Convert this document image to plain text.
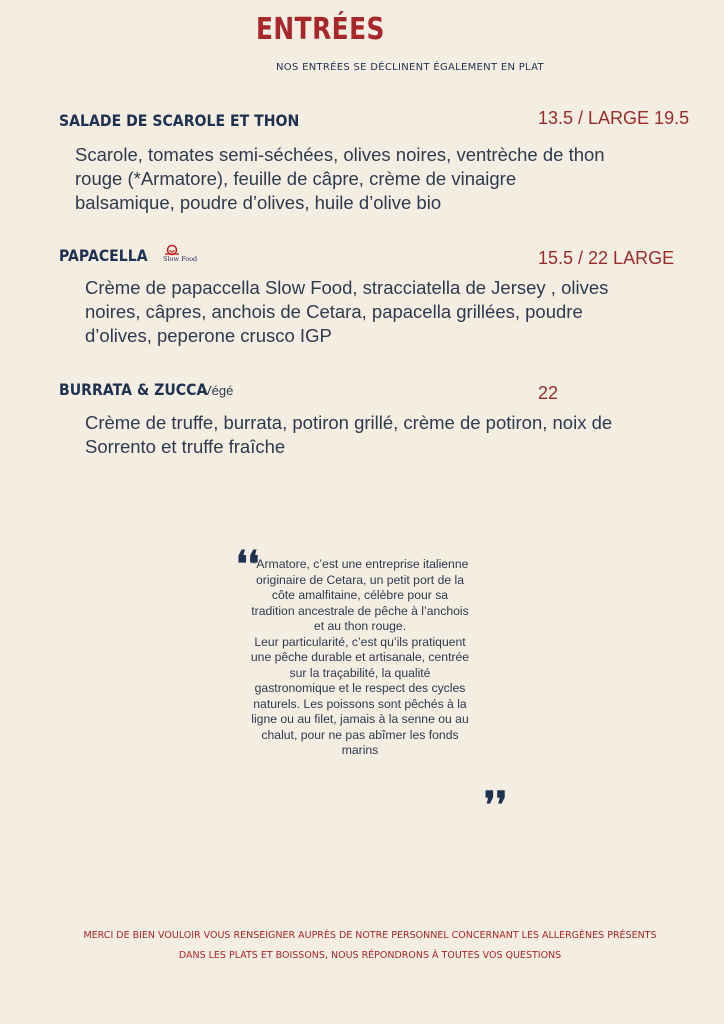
ENTRÉES
NOS ENTRÉES SE DÉCLINENT ÉGALEMENT EN PLAT
SALADE DE SCAROLE ET THON	13.5 / LARGE 19.5
Scarole, tomates semi-séchées, olives noires, ventrèche de thon rouge (*Armatore), feuille de câpre, crème de vinaigre balsamique, poudre d’olives, huile d’olive bio
PAPACELLA Slow Food	15.5 / 22 LARGE
Crème de papaccella Slow Food, stracciatella de Jersey , olives noires, câpres, anchois de Cetara, papacella grillées, poudre d’olives, peperone crusco IGP
BURRATA & ZUCCA
Végé	22
Crème de truffe, burrata, potiron grillé, crème de potiron, noix de Sorrento et truffe fraîche
❛❛
*Armatore, c’est une entreprise italienne originaire de Cetara, un petit port de la côte amalfitaine, célèbre pour sa tradition ancestrale de pêche à l’anchois et au thon rouge.
Leur particularité, c’est qu’ils pratiquent une pêche durable et artisanale, centrée sur la traçabilité, la qualité gastronomique et le respect des cycles naturels. Les poissons sont pêchés à la ligne ou au filet, jamais à la senne ou au chalut, pour ne pas abîmer les fonds marins
❜❜
MERCI DE BIEN VOULOIR VOUS RENSEIGNER AUPRÈS DE NOTRE PERSONNEL CONCERNANT LES ALLERGÈNES PRÉSENTS DANS LES PLATS ET BOISSONS, NOUS RÉPONDRONS À TOUTES VOS QUESTIONS
